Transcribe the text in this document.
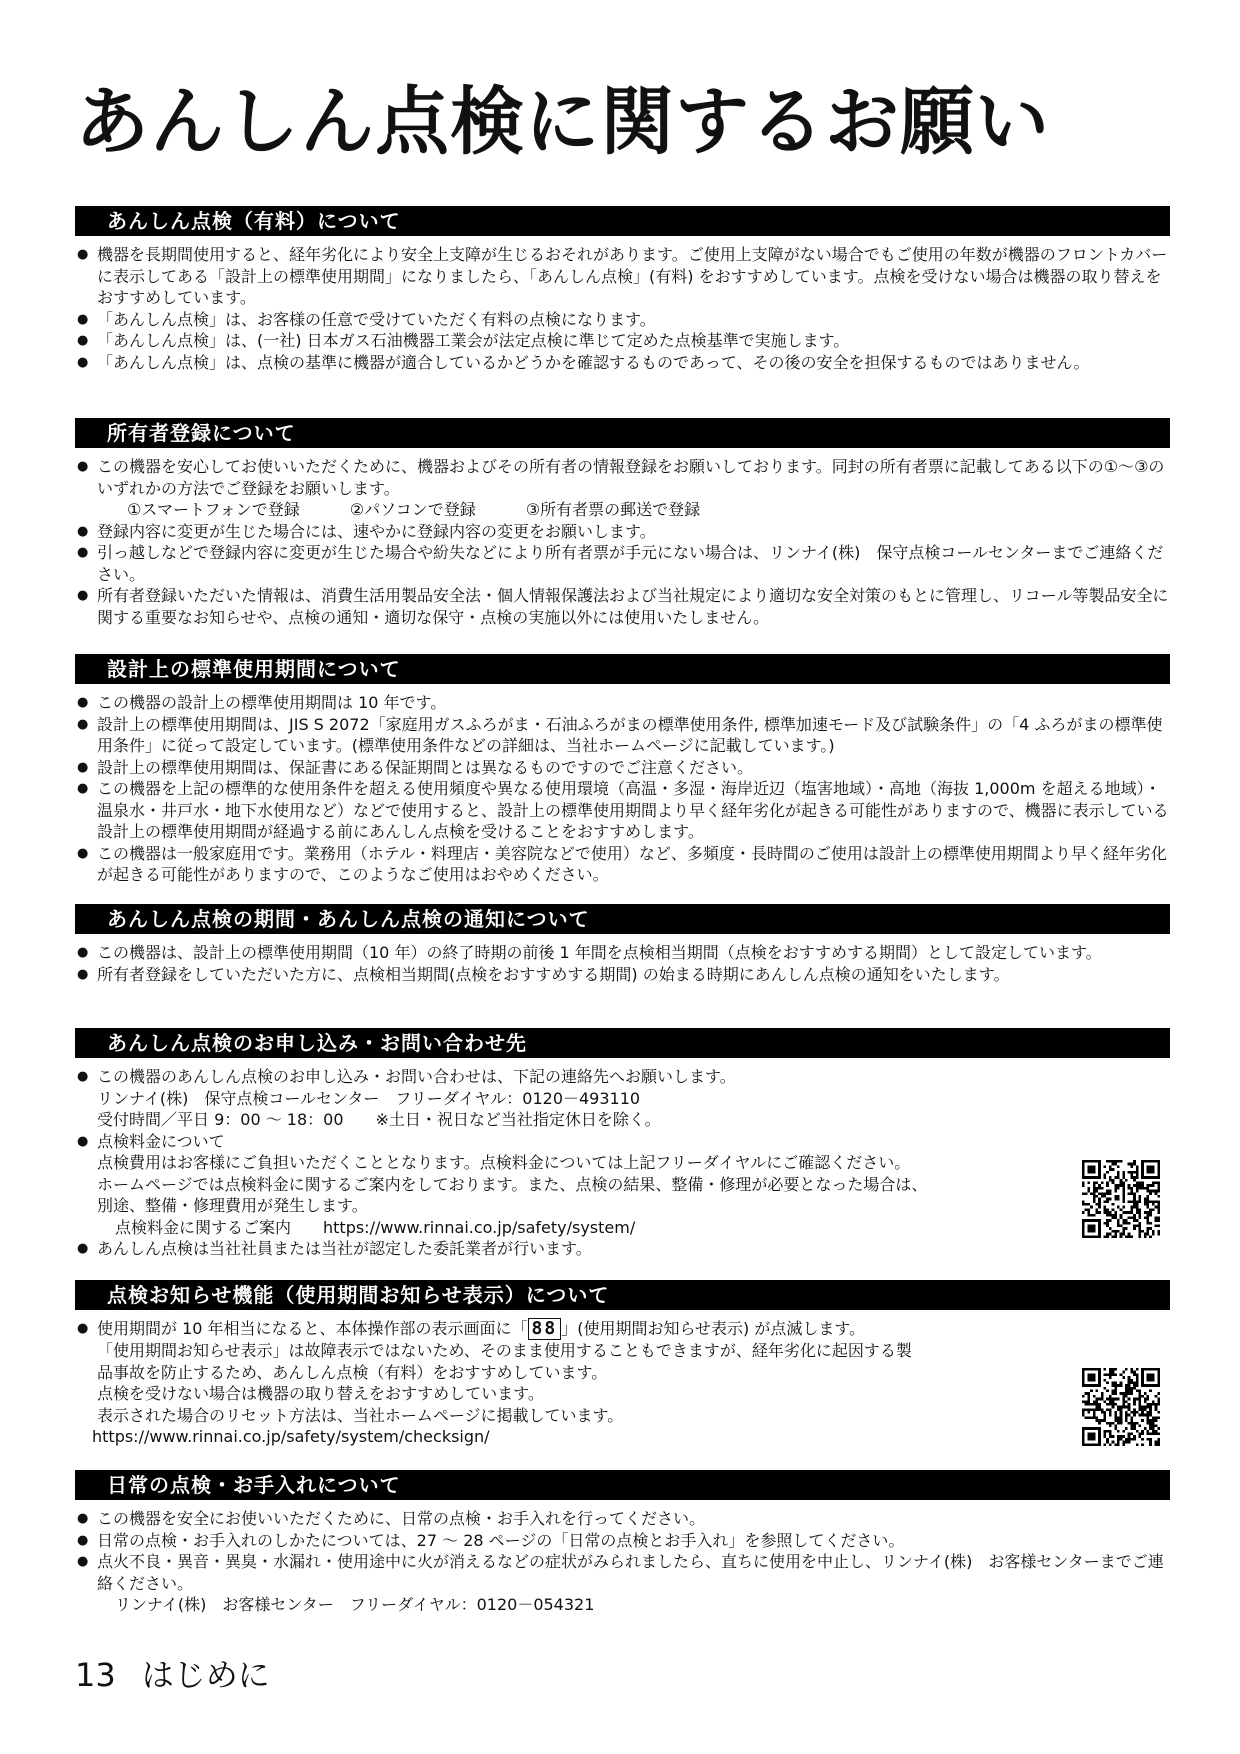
あんしん点検に関するお願い
あんしん点検（有料）について
● 機器を長期間使用すると、経年劣化により安全上支障が生じるおそれがあります。ご使用上支障がない場合でもご使用の年数が機器のフロントカバーに表示してある「設計上の標準使用期間」になりましたら、「あんしん点検」(有料) をおすすめしています。点検を受けない場合は機器の取り替えをおすすめしています。
● 「あんしん点検」は、お客様の任意で受けていただく有料の点検になります。
● 「あんしん点検」は、(一社) 日本ガス石油機器工業会が法定点検に準じて定めた点検基準で実施します。
● 「あんしん点検」は、点検の基準に機器が適合しているかどうかを確認するものであって、その後の安全を担保するものではありません。
所有者登録について
● この機器を安心してお使いいただくために、機器およびその所有者の情報登録をお願いしております。同封の所有者票に記載してある以下の①～③のいずれかの方法でご登録をお願いします。
①スマートフォンで登録	②パソコンで登録	③所有者票の郵送で登録
● 登録内容に変更が生じた場合には、速やかに登録内容の変更をお願いします。
● 引っ越しなどで登録内容に変更が生じた場合や紛失などにより所有者票が手元にない場合は、リンナイ(株)　保守点検コールセンターまでご連絡ください。
● 所有者登録いただいた情報は、消費生活用製品安全法・個人情報保護法および当社規定により適切な安全対策のもとに管理し、リコール等製品安全に関する重要なお知らせや、点検の通知・適切な保守・点検の実施以外には使用いたしません。
設計上の標準使用期間について
● この機器の設計上の標準使用期間は 10 年です。
● 設計上の標準使用期間は、JIS S 2072「家庭用ガスふろがま・石油ふろがまの標準使用条件, 標準加速モード及び試験条件」の「4 ふろがまの標準使用条件」に従って設定しています。(標準使用条件などの詳細は、当社ホームページに記載しています。)
● 設計上の標準使用期間は、保証書にある保証期間とは異なるものですのでご注意ください。
● この機器を上記の標準的な使用条件を超える使用頻度や異なる使用環境（高温・多湿・海岸近辺（塩害地域）・高地（海抜 1,000m を超える地域）・温泉水・井戸水・地下水使用など）などで使用すると、設計上の標準使用期間より早く経年劣化が起きる可能性がありますので、機器に表示している設計上の標準使用期間が経過する前にあんしん点検を受けることをおすすめします。
● この機器は一般家庭用です。業務用（ホテル・料理店・美容院などで使用）など、多頻度・長時間のご使用は設計上の標準使用期間より早く経年劣化が起きる可能性がありますので、このようなご使用はおやめください。
あんしん点検の期間・あんしん点検の通知について
● この機器は、設計上の標準使用期間（10 年）の終了時期の前後 1 年間を点検相当期間（点検をおすすめする期間）として設定しています。
● 所有者登録をしていただいた方に、点検相当期間(点検をおすすめする期間) の始まる時期にあんしん点検の通知をいたします。
あんしん点検のお申し込み・お問い合わせ先
● この機器のあんしん点検のお申し込み・お問い合わせは、下記の連絡先へお願いします。
リンナイ(株)　保守点検コールセンター　フリーダイヤル：0120－493110
受付時間／平日 9：00 ～ 18：00　　※土日・祝日など当社指定休日を除く。
● 点検料金について
点検費用はお客様にご負担いただくこととなります。点検料金については上記フリーダイヤルにご確認ください。
ホームページでは点検料金に関するご案内をしております。また、点検の結果、整備・修理が必要となった場合は、
別途、整備・修理費用が発生します。
点検料金に関するご案内　　https://www.rinnai.co.jp/safety/system/
● あんしん点検は当社社員または当社が認定した委託業者が行います。
点検お知らせ機能（使用期間お知らせ表示）について
● 使用期間が 10 年相当になると、本体操作部の表示画面に「 88 」(使用期間お知らせ表示) が点滅します。
「使用期間お知らせ表示」は故障表示ではないため、そのまま使用することもできますが、経年劣化に起因する製
品事故を防止するため、あんしん点検（有料）をおすすめしています。
点検を受けない場合は機器の取り替えをおすすめしています。
表示された場合のリセット方法は、当社ホームページに掲載しています。
https://www.rinnai.co.jp/safety/system/checksign/
日常の点検・お手入れについて
● この機器を安全にお使いいただくために、日常の点検・お手入れを行ってください。
● 日常の点検・お手入れのしかたについては、27 ～ 28 ページの「日常の点検とお手入れ」を参照してください。
● 点火不良・異音・異臭・水漏れ・使用途中に火が消えるなどの症状がみられましたら、直ちに使用を中止し、リンナイ(株)　お客様センターまでご連絡ください。
リンナイ(株)　お客様センター　フリーダイヤル：0120－054321
13 はじめに
